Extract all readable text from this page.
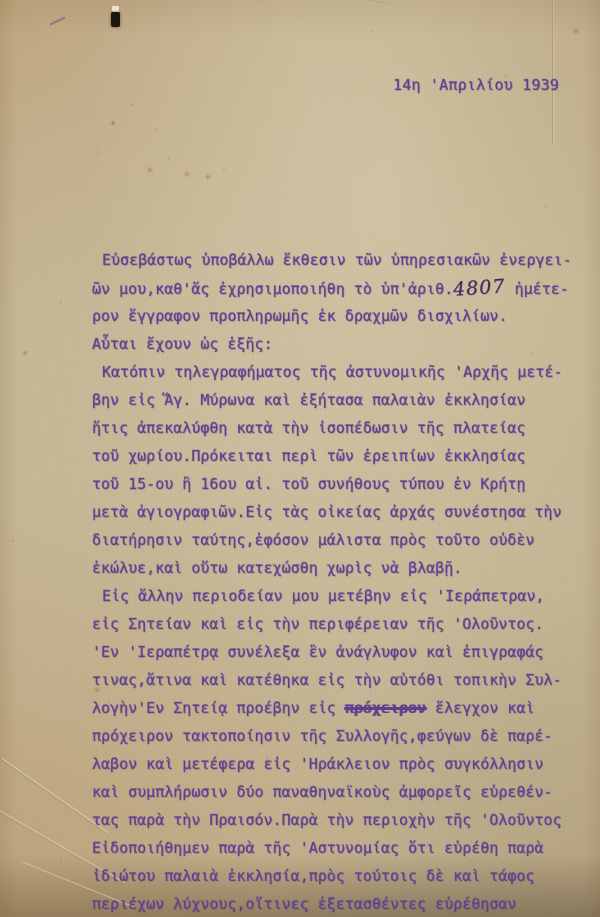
14η 'Απριλίου 1939
Εὐσεβάστως ὑποβάλλω ἔκθεσιν τῶν ὑπηρεσιακῶν ἐνεργει-
ῶν μου,καθ'ἅς ἐχρησιμοποιήθη τὸ ὑπ'ἀριθ.4807 ἡμέτε-
ρον ἔγγραφον προπληρωμῆς ἐκ δραχμῶν δισχιλίων.
Αὗται ἔχουν ὡς ἑξῆς:
Κατόπιν τηλεγραφήματος τῆς ἀστυνομικῆς 'Αρχῆς μετέ-
βην εἰς Ἅγ. Μύρωνα καὶ ἐξήτασα παλαιὰν ἐκκλησίαν
ἥτις ἀπεκαλύφθη κατὰ τὴν ἰσοπέδωσιν τῆς πλατείας
τοῦ χωρίου.Πρόκειται περὶ τῶν ἐρειπίων ἐκκλησίας
τοῦ 15-ου ἢ 16ου αἰ. τοῦ συνήθους τύπου ἐν Κρήτῃ
μετὰ ἁγιογραφιῶν.Εἰς τὰς οἰκείας ἀρχάς συνέστησα τὴν
διατήρησιν ταύτης,ἐφόσον μάλιστα πρὸς τοῦτο οὐδὲν
ἐκώλυε,καὶ οὕτω κατεχώσθη χωρὶς νὰ βλαβῇ.
Εἰς ἄλλην περιοδείαν μου μετέβην εἰς 'Ιεράπετραν,
εἰς Σητείαν καὶ εἰς τὴν περιφέρειαν τῆς 'Ολοῦντος.
'Εν 'Ιεραπέτρᾳ συνέλεξα ἓν ἀνάγλυφον καὶ ἐπιγραφάς
τινας,ἅτινα καὶ κατέθηκα εἰς τὴν αὐτόθι τοπικὴν Συλ-
λογὴν'Εν Σητείᾳ προέβην εἰς πρόχειρον ἔλεγχον καὶ
πρόχειρον τακτοποίησιν τῆς Συλλογῆς,φεύγων δὲ παρέ-
λαβον καὶ μετέφερα εἰς 'Ηράκλειον πρὸς συγκόλλησιν
καὶ συμπλήρωσιν δύο παναθηναϊκοὺς ἀμφορεῖς εὑρεθέν-
τας παρὰ τὴν Πραισόν.Παρὰ τὴν περιοχὴν τῆς 'Ολοῦντος
Εἰδοποιήθημεν παρὰ τῆς 'Αστυνομίας ὅτι εὑρέθη παρὰ
ἰδιώτου παλαιὰ ἐκκλησία,πρὸς τούτοις δὲ καὶ τάφος
περιέχων λύχνους,οἵτινες ἐξετασθέντες εὑρέθησαν
